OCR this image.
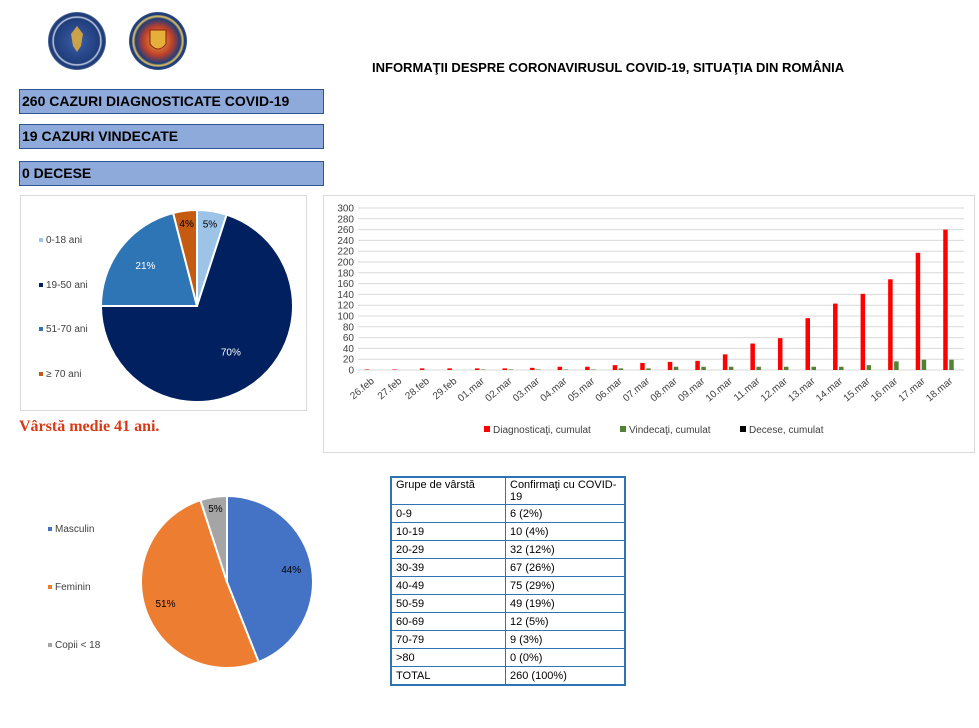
INFORMAŢII DESPRE CORONAVIRUSUL COVID-19, SITUAŢIA DIN ROMÂNIA
260 CAZURI DIAGNOSTICATE COVID-19
19 CAZURI VINDECATE
0 DECESE
5%
0-18 ani
70%
19-50 ani
21%
51-70 ani
4%
≥ 70 ani
Vârstă medie 41 ani.
0
20
40
60
80
100
120
140
160
180
200
220
240
260
280
300
26.feb 27.feb 28.feb 29.feb
01.mar
02.mar
03.mar
04.mar
05.mar
06.mar
07.mar
08.mar
09.mar
10.mar
11.mar
12.mar
13.mar
14.mar
15.mar
16.mar
17.mar
18.mar
Diagnosticaţi, cumulat	Vindecaţi, cumulat	Decese, cumulat
44%
Masculin
51%
Feminin
5%
Copii < 18
Grupe de vârstă	Confirmaţi cu COVID-19
0-9	6 (2%)
10-19	10 (4%)
20-29	32 (12%)
30-39	67 (26%)
40-49	75 (29%)
50-59	49 (19%)
60-69	12 (5%)
70-79	9 (3%)
>80	0 (0%)
TOTAL	260 (100%)
